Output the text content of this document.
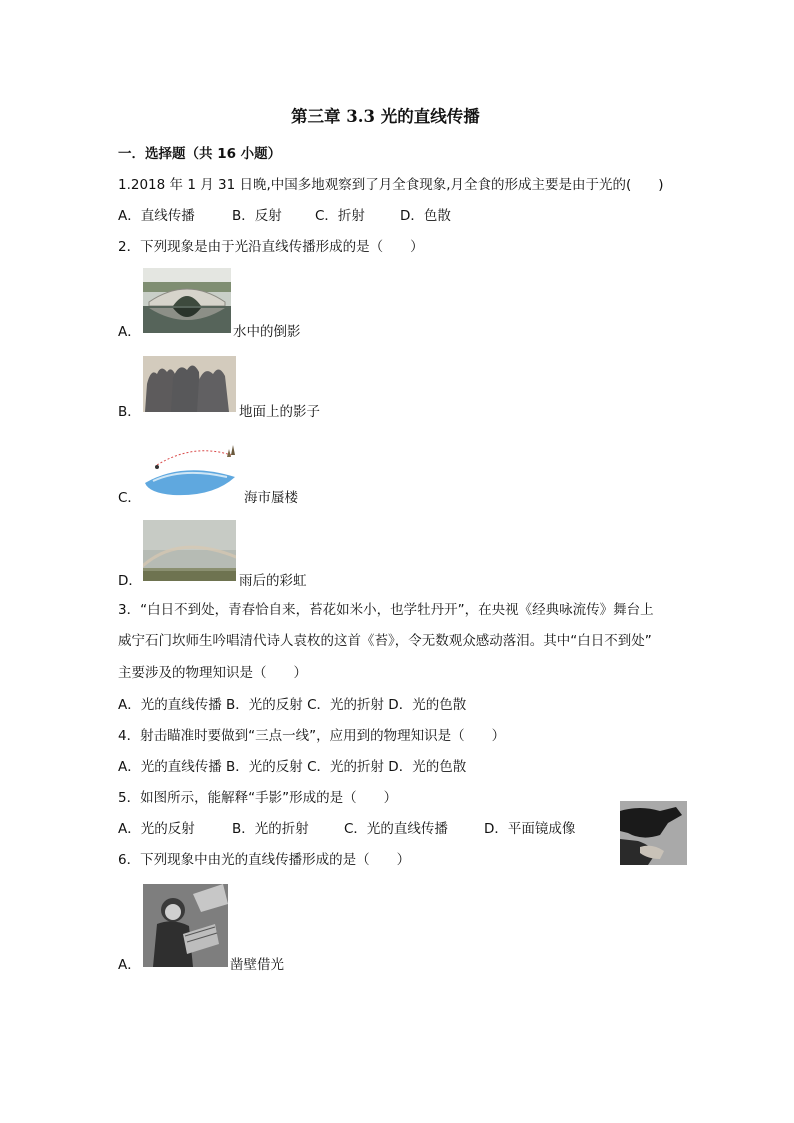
第三章 3.3 光的直线传播
一．选择题（共 16 小题）
1.2018 年 1 月 31 日晚,中国多地观察到了月全食现象,月全食的形成主要是由于光的(　　)
A．直线传播	B．反射 C．折射	D．色散
2．下列现象是由于光沿直线传播形成的是（　　）
A．	水中的倒影
B．	地面上的影子
C．	海市蜃楼
D．	雨后的彩虹
3．“白日不到处，青春恰自来，苔花如米小，也学牡丹开”，在央视《经典咏流传》舞台上
威宁石门坎师生吟唱清代诗人袁枚的这首《苔》，令无数观众感动落泪。其中“白日不到处”
主要涉及的物理知识是（　　）
A．光的直线传播 B．光的反射 C．光的折射 D．光的色散
4．射击瞄准时要做到“三点一线”，应用到的物理知识是（　　）
A．光的直线传播 B．光的反射 C．光的折射 D．光的色散
5．如图所示，能解释“手影”形成的是（　　）
A．光的反射	B．光的折射	C．光的直线传播	D．平面镜成像
6．下列现象中由光的直线传播形成的是（　　）
A．	凿壁借光
